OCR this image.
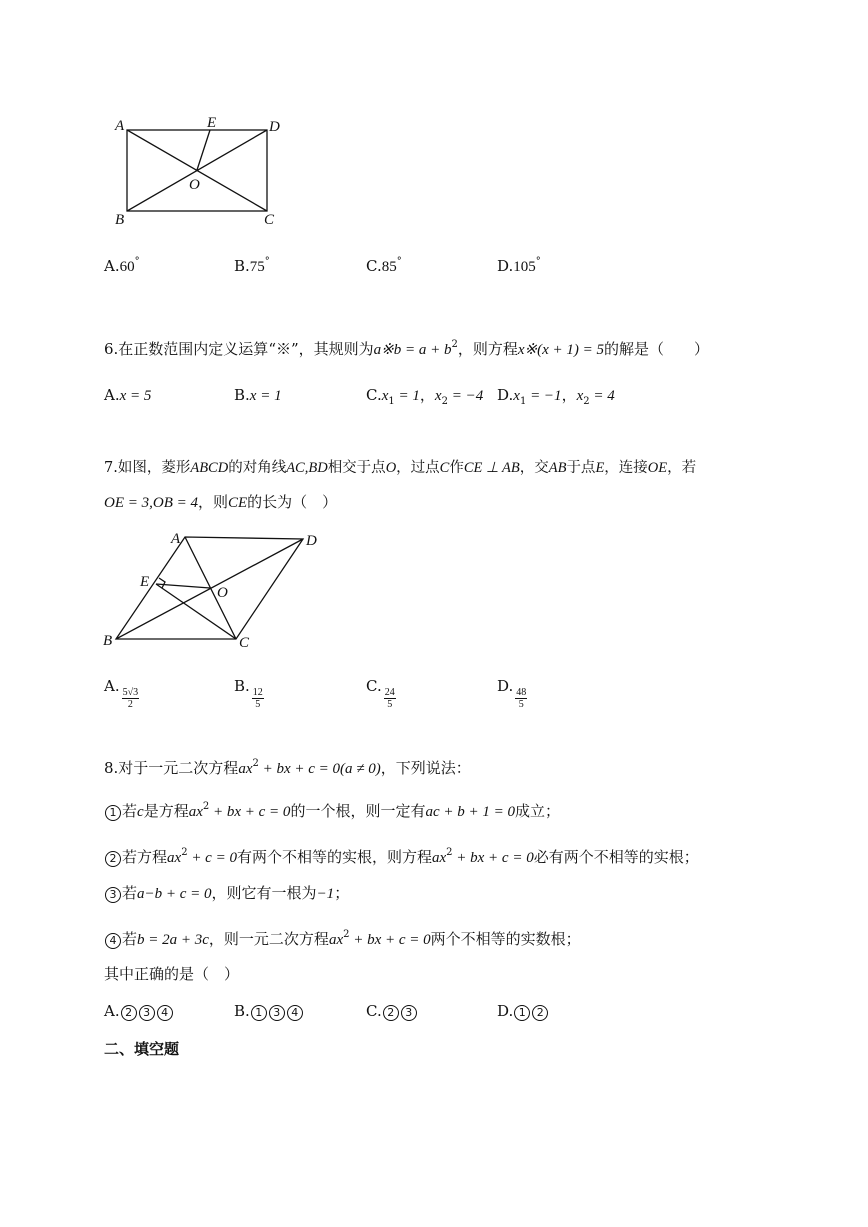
A	E	D
O
B	C
A.60°	B.75°	C.85°	D.105°
6.在正数范围内定义运算“※”，其规则为a※b = $a + b^2$，则方程x※(x + 1) = 5的解是（　　）
A.x = 5	B.x = 1	$C.x_1 = 1$，$x_2 = -4$ $D.x_1 = -1$，$x_2 = 4$
7.如图，菱形ABCD的对角线AC,BD相交于点O，过点C作CE ⊥ AB，交AB于点E，连接OE，若
OE = 3,OB = 4，则CE的长为（　）
A	D
E
O
B	C
A.
$\frac{5√3}{2}$
B.
$\frac{12}{5}$
C.
$\frac{24}{5}$
D.
$\frac{48}{5}$
8.对于一元二次方程$ax^2$ + bx + c = 0(a ≠ 0)，下列说法：
1 若c是方程$ax^2$ + bx + c = 0的一个根，则一定有ac + b + 1 = 0成立；
2 若方程$ax^2 + c = 0$有两个不相等的实根，则方程$ax^2$ + bx + c = 0必有两个不相等的实根；
3 若a−b + c = 0，则它有一根为−1；
4 若b = 2a + 3c，则一元二次方程$ax^2$ + bx + c = 0两个不相等的实数根；
其中正确的是（　）
A. 2 3 4	B. 1 3 4	C. 2 3	D. 1 2
二、填空题
